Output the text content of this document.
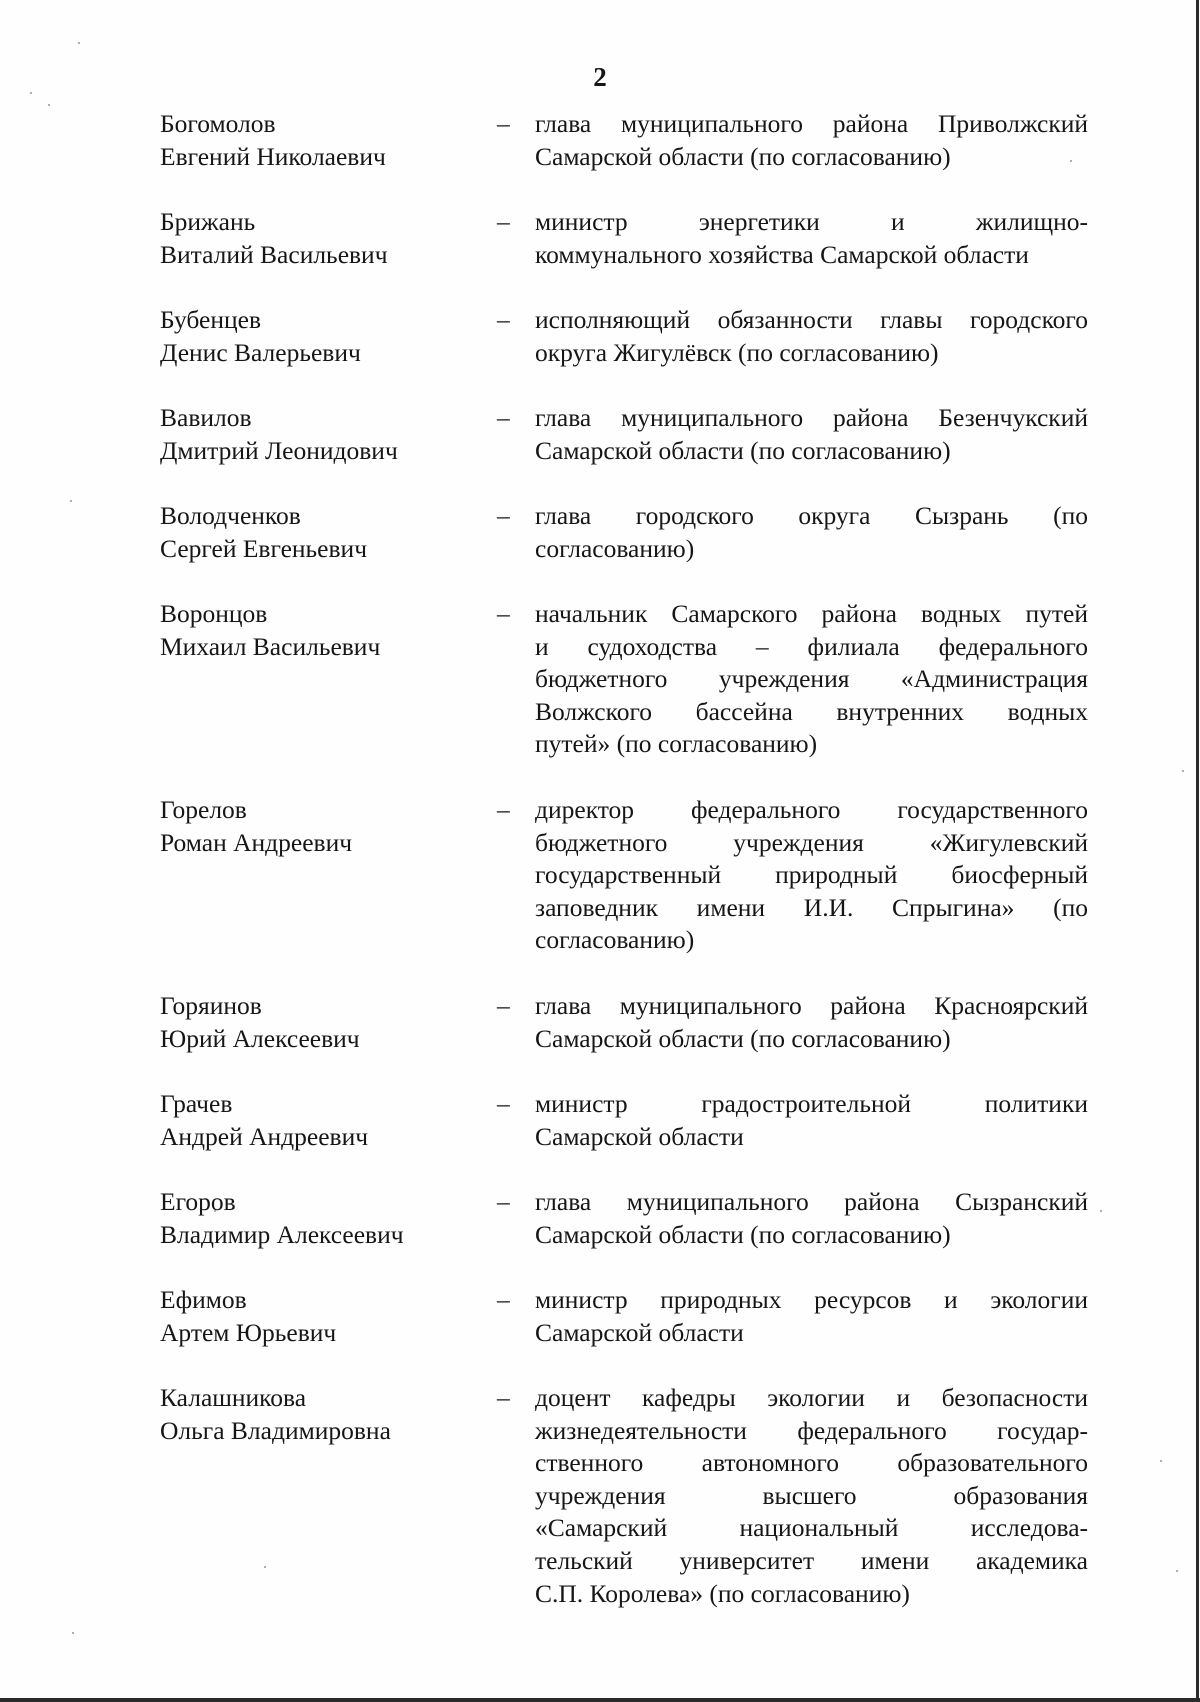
2
Богомолов
Евгений Николаевич
– глава муниципального района Приволжский
Самарской области (по согласованию)
Брижань
Виталий Васильевич
– министр энергетики и жилищно-
коммунального хозяйства Самарской области
Бубенцев
Денис Валерьевич
– исполняющий обязанности главы городского
округа Жигулёвск (по согласованию)
Вавилов
Дмитрий Леонидович
– глава муниципального района Безенчукский
Самарской области (по согласованию)
Володченков
Сергей Евгеньевич
– глава городского округа Сызрань (по
согласованию)
Воронцов
Михаил Васильевич
– начальник Самарского района водных путей
и судоходства – филиала федерального
бюджетного учреждения «Администрация
Волжского бассейна внутренних водных
путей» (по согласованию)
Горелов
Роман Андреевич
– директор федерального государственного
бюджетного учреждения «Жигулевский
государственный природный биосферный
заповедник имени И.И. Спрыгина» (по
согласованию)
Горяинов
Юрий Алексеевич
– глава муниципального района Красноярский
Самарской области (по согласованию)
Грачев
Андрей Андреевич
– министр градостроительной политики
Самарской области
Егоров
Владимир Алексеевич
– глава муниципального района Сызранский
Самарской области (по согласованию)
Ефимов
Артем Юрьевич
– министр природных ресурсов и экологии
Самарской области
Калашникова
Ольга Владимировна
– доцент кафедры экологии и безопасности
жизнедеятельности федерального государ-
ственного автономного образовательного
учреждения высшего образования
«Самарский национальный исследова-
тельский университет имени академика
С.П. Королева» (по согласованию)
